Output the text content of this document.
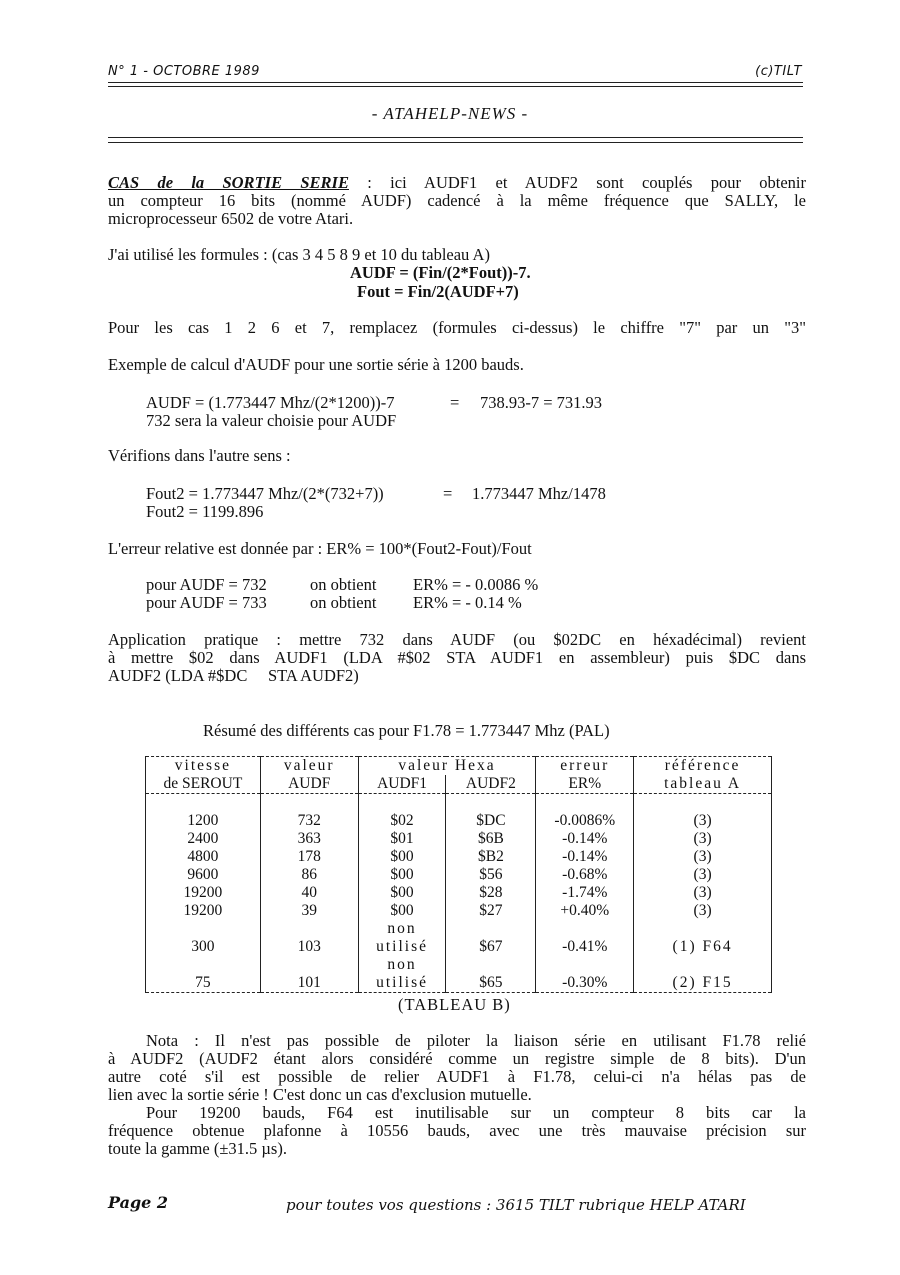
N° 1 - OCTOBRE 1989	(c)TILT
- ATAHELP-NEWS -
CAS de la SORTIE SERIE : ici AUDF1 et AUDF2 sont couplés pour obtenir
un compteur 16 bits (nommé AUDF) cadencé à la même fréquence que SALLY, le
microprocesseur 6502 de votre Atari.
J'ai utilisé les formules : (cas 3 4 5 8 9 et 10 du tableau A)
AUDF = (Fin/(2*Fout))-7.
Fout = Fin/2(AUDF+7)
Pour les cas 1 2 6 et 7, remplacez (formules ci-dessus) le chiffre "7" par un "3"
Exemple de calcul d'AUDF pour une sortie série à 1200 bauds.
AUDF = (1.773447 Mhz/(2*1200))-7	= 738.93-7 = 731.93
732 sera la valeur choisie pour AUDF
Vérifions dans l'autre sens :
Fout2 = 1.773447 Mhz/(2*(732+7))	= 1.773447 Mhz/1478
Fout2 = 1199.896
L'erreur relative est donnée par : ER% = 100*(Fout2-Fout)/Fout
pour AUDF = 732	on obtient ER% = - 0.0086 %
pour AUDF = 733	on obtient ER% = - 0.14 %
Application pratique : mettre 732 dans AUDF (ou $02DC en héxadécimal) revient
à mettre $02 dans AUDF1 (LDA #$02 STA AUDF1 en assembleur) puis $DC dans
AUDF2 (LDA #$DC     STA AUDF2)
Résumé des différents cas pour F1.78 = 1.773447 Mhz (PAL)
vitesse	valeur	valeur Hexa		erreur	référence
de SEROUT	AUDF	AUDF1	AUDF2	ER%	tableau A

1200	732	$02	$DC	-0.0086%	(3)
2400	363	$01	$6B	-0.14%	(3)
4800	178	$00	$B2	-0.14%	(3)
9600	86	$00	$56	-0.68%	(3)
19200	40	$00	$28	-1.74%	(3)
19200	39	$00	$27	+0.40%	(3)
		non			
300	103	utilisé	$67	-0.41%	(1) F64
		non			
75	101	utilisé	$65	-0.30%	(2) F15
(TABLEAU B)
Nota : Il n'est pas possible de piloter la liaison série en utilisant F1.78 relié
à AUDF2 (AUDF2 étant alors considéré comme un registre simple de 8 bits). D'un
autre coté s'il est possible de relier AUDF1 à F1.78, celui-ci n'a hélas pas de
lien avec la sortie série ! C'est donc un cas d'exclusion mutuelle.
Pour 19200 bauds, F64 est inutilisable sur un compteur 8 bits car la
fréquence obtenue plafonne à 10556 bauds, avec une très mauvaise précision sur
toute la gamme (±31.5 µs).
Page 2	pour toutes vos questions : 3615 TILT rubrique HELP ATARI
